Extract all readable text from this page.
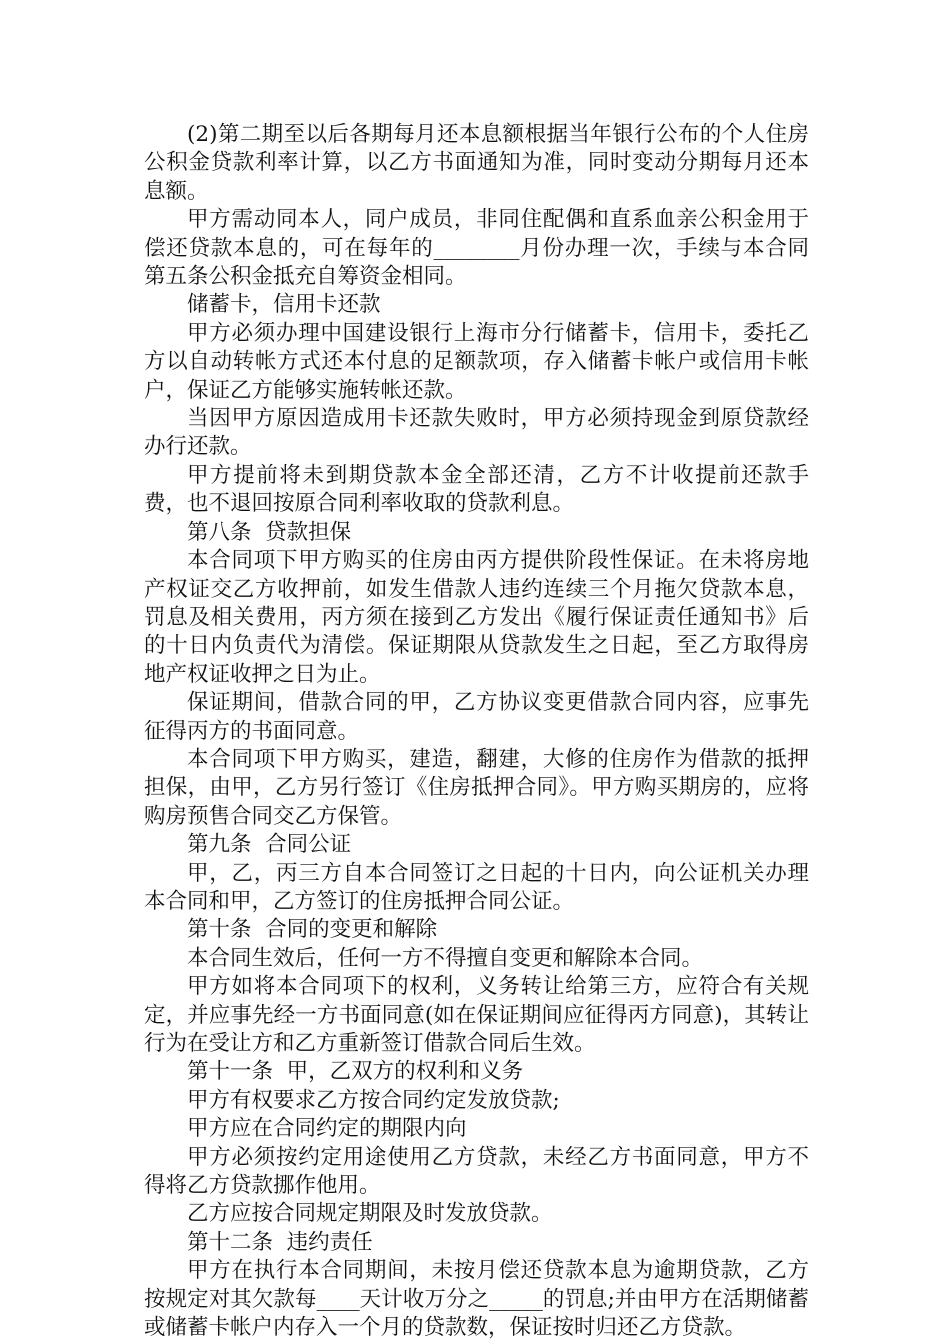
(2)第二期至以后各期每月还本息额根据当年银行公布的个人住房公积金贷款利率计算，以乙方书面通知为准，同时变动分期每月还本息额。

甲方需动同本人，同户成员，非同住配偶和直系血亲公积金用于偿还贷款本息的，可在每年的________月份办理一次，手续与本合同第五条公积金抵充自筹资金相同。

储蓄卡，信用卡还款

甲方必须办理中国建设银行上海市分行储蓄卡，信用卡，委托乙方以自动转帐方式还本付息的足额款项，存入储蓄卡帐户或信用卡帐户，保证乙方能够实施转帐还款。

当因甲方原因造成用卡还款失败时，甲方必须持现金到原贷款经办行还款。

甲方提前将未到期贷款本金全部还清，乙方不计收提前还款手费，也不退回按原合同利率收取的贷款利息。

第八条  贷款担保

本合同项下甲方购买的住房由丙方提供阶段性保证。在未将房地产权证交乙方收押前，如发生借款人违约连续三个月拖欠贷款本息，罚息及相关费用，丙方须在接到乙方发出《履行保证责任通知书》后的十日内负责代为清偿。保证期限从贷款发生之日起，至乙方取得房地产权证收押之日为止。

保证期间，借款合同的甲，乙方协议变更借款合同内容，应事先征得丙方的书面同意。

本合同项下甲方购买，建造，翻建，大修的住房作为借款的抵押担保，由甲，乙方另行签订《住房抵押合同》。甲方购买期房的，应将购房预售合同交乙方保管。

第九条  合同公证

甲，乙，丙三方自本合同签订之日起的十日内，向公证机关办理本合同和甲，乙方签订的住房抵押合同公证。

第十条  合同的变更和解除

本合同生效后，任何一方不得擅自变更和解除本合同。

甲方如将本合同项下的权利，义务转让给第三方，应符合有关规定，并应事先经一方书面同意(如在保证期间应征得丙方同意)，其转让行为在受让方和乙方重新签订借款合同后生效。

第十一条  甲，乙双方的权利和义务

甲方有权要求乙方按合同约定发放贷款;

甲方应在合同约定的期限内向

甲方必须按约定用途使用乙方贷款，未经乙方书面同意，甲方不得将乙方贷款挪作他用。

乙方应按合同规定期限及时发放贷款。

第十二条  违约责任

甲方在执行本合同期间，未按月偿还贷款本息为逾期贷款，乙方按规定对其欠款每____天计收万分之_____的罚息;并由甲方在活期储蓄或储蓄卡帐户内存入一个月的贷款数，保证按时归还乙方贷款。
